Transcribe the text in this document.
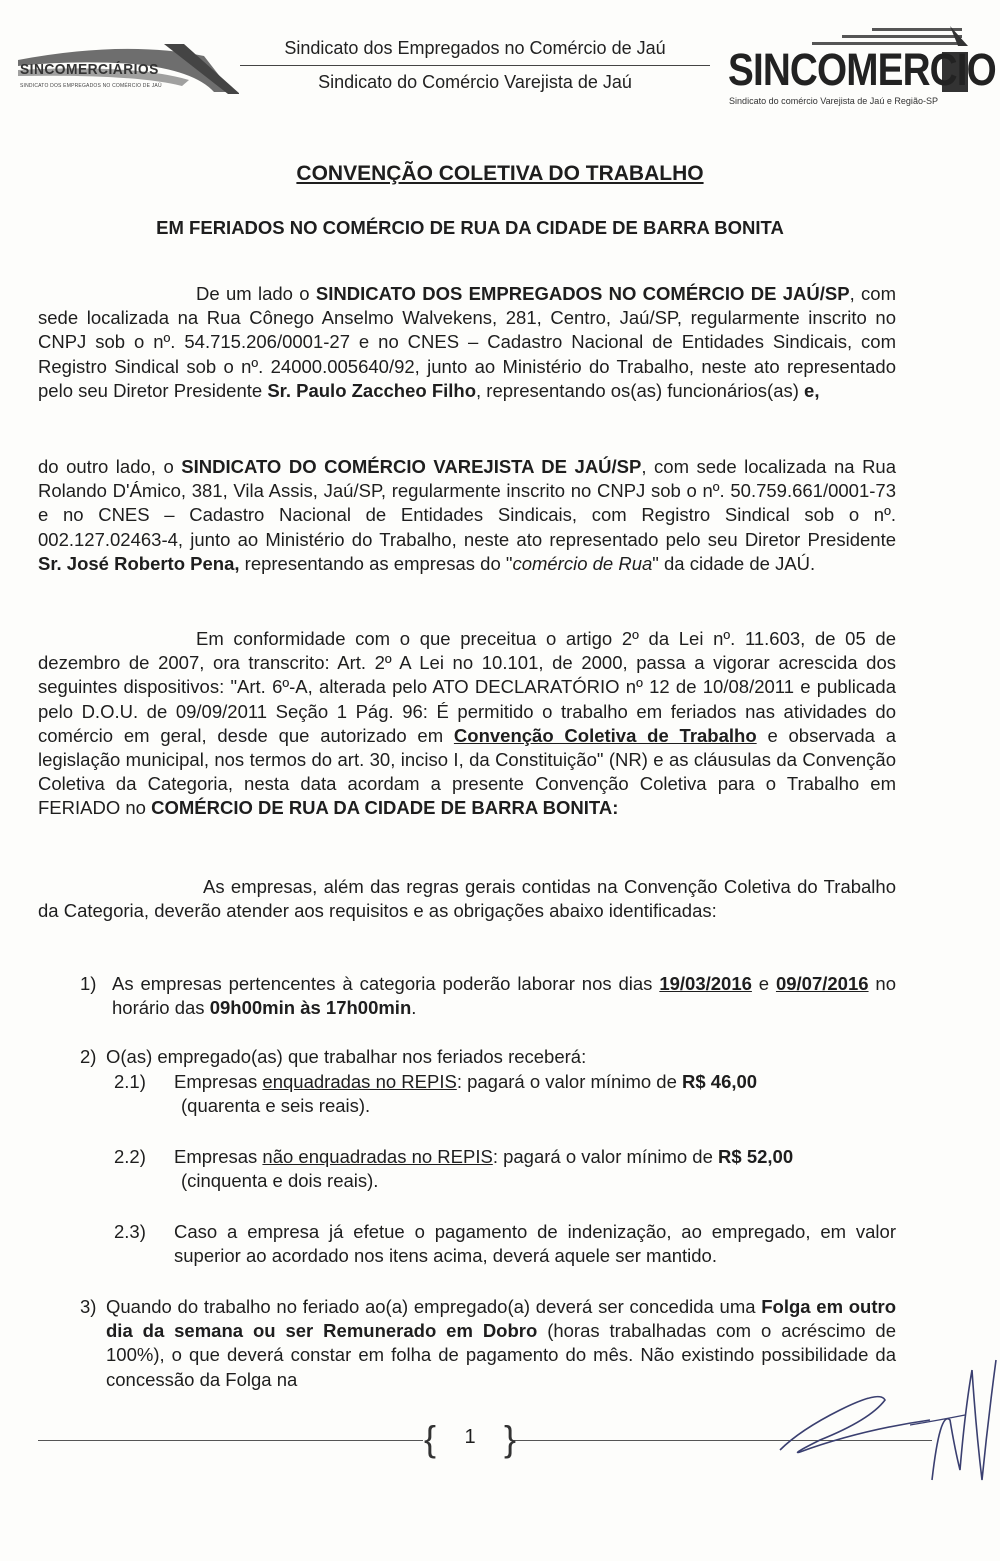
SINCOMERCIÁRIOS
SINDICATO DOS EMPREGADOS NO COMÉRCIO DE JAÚ
Sindicato dos Empregados no Comércio de Jaú
Sindicato do Comércio Varejista de Jaú	SINCOMERCIO
Sindicato do comércio Varejista de Jaú e Região-SP
CONVENÇÃO COLETIVA DO TRABALHO
EM FERIADOS NO COMÉRCIO DE RUA DA CIDADE DE BARRA BONITA
De um lado o SINDICATO DOS EMPREGADOS NO COMÉRCIO DE JAÚ/SP, com sede localizada na Rua Cônego Anselmo Walvekens, 281, Centro, Jaú/SP, regularmente inscrito no CNPJ sob o nº. 54.715.206/0001-27 e no CNES – Cadastro Nacional de Entidades Sindicais, com Registro Sindical sob o nº. 24000.005640/92, junto ao Ministério do Trabalho, neste ato representado pelo seu Diretor Presidente Sr. Paulo Zaccheo Filho, representando os(as) funcionários(as) e,
do outro lado, o SINDICATO DO COMÉRCIO VAREJISTA DE JAÚ/SP, com sede localizada na Rua Rolando D'Ámico, 381, Vila Assis, Jaú/SP, regularmente inscrito no CNPJ sob o nº. 50.759.661/0001-73 e no CNES – Cadastro Nacional de Entidades Sindicais, com Registro Sindical sob o nº. 002.127.02463-4, junto ao Ministério do Trabalho, neste ato representado pelo seu Diretor Presidente Sr. José Roberto Pena, representando as empresas do "comércio de Rua" da cidade de JAÚ.
Em conformidade com o que preceitua o artigo 2º da Lei nº. 11.603, de 05 de dezembro de 2007, ora transcrito: Art. 2º A Lei no 10.101, de 2000, passa a vigorar acrescida dos seguintes dispositivos: "Art. 6º-A, alterada pelo ATO DECLARATÓRIO nº 12 de 10/08/2011 e publicada pelo D.O.U. de 09/09/2011 Seção 1 Pág. 96: É permitido o trabalho em feriados nas atividades do comércio em geral, desde que autorizado em Convenção Coletiva de Trabalho e observada a legislação municipal, nos termos do art. 30, inciso I, da Constituição" (NR) e as cláusulas da Convenção Coletiva da Categoria, nesta data acordam a presente Convenção Coletiva para o Trabalho em FERIADO no COMÉRCIO DE RUA DA CIDADE DE BARRA BONITA:
As empresas, além das regras gerais contidas na Convenção Coletiva do Trabalho da Categoria, deverão atender aos requisitos e as obrigações abaixo identificadas:
1) As empresas pertencentes à categoria poderão laborar nos dias 19/03/2016 e 09/07/2016 no horário das 09h00min às 17h00min.
2) O(as) empregado(as) que trabalhar nos feriados receberá:
2.1) Empresas enquadradas no REPIS: pagará o valor mínimo de R$ 46,00
(quarenta e seis reais).
2.2) Empresas não enquadradas no REPIS: pagará o valor mínimo de R$ 52,00
(cinquenta e dois reais).
2.3) Caso a empresa já efetue o pagamento de indenização, ao empregado, em valor superior ao acordado nos itens acima, deverá aquele ser mantido.
3) Quando do trabalho no feriado ao(a) empregado(a) deverá ser concedida uma Folga em outro dia da semana ou ser Remunerado em Dobro (horas trabalhadas com o acréscimo de 100%), o que deverá constar em folha de pagamento do mês. Não existindo possibilidade da concessão da Folga na
{	1 }
